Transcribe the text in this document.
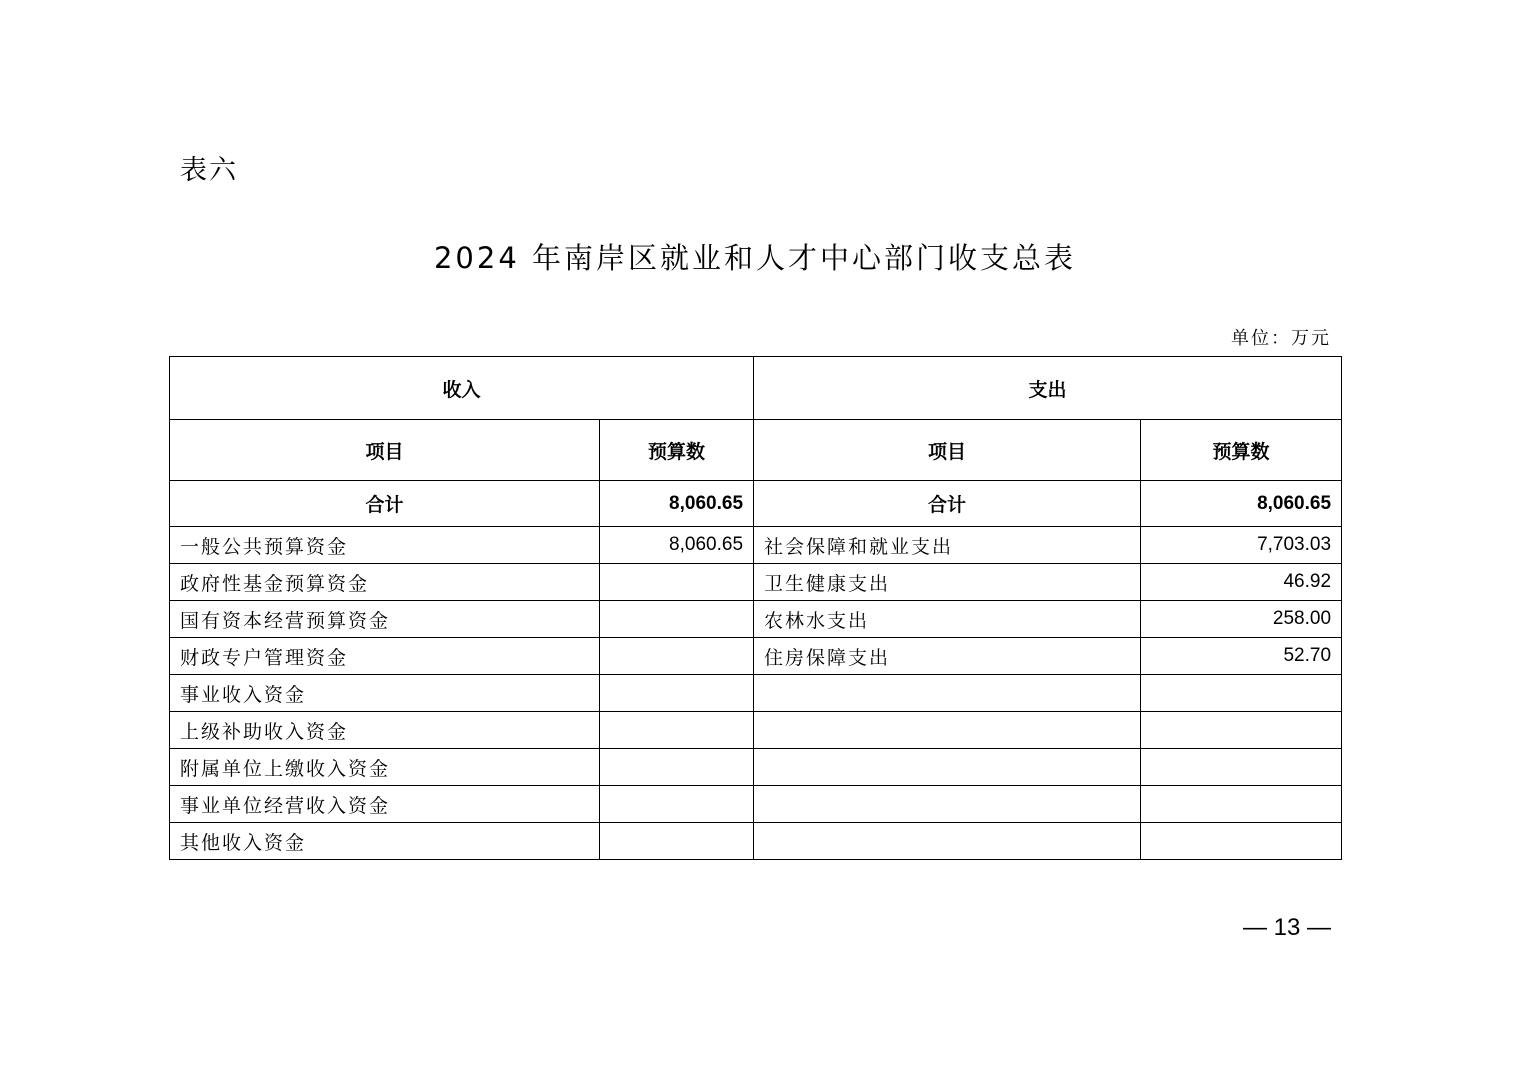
表六
2024 年南岸区就业和人才中心部门收支总表
单位：万元
收入		支出	
项目	预算数	项目	预算数
合计	8,060.65	合计	8,060.65
一般公共预算资金	8,060.65	社会保障和就业支出	7,703.03
政府性基金预算资金		卫生健康支出	46.92
国有资本经营预算资金		农林水支出	258.00
财政专户管理资金		住房保障支出	52.70
事业收入资金			
上级补助收入资金			
附属单位上缴收入资金			
事业单位经营收入资金			
其他收入资金			
— 13 —
